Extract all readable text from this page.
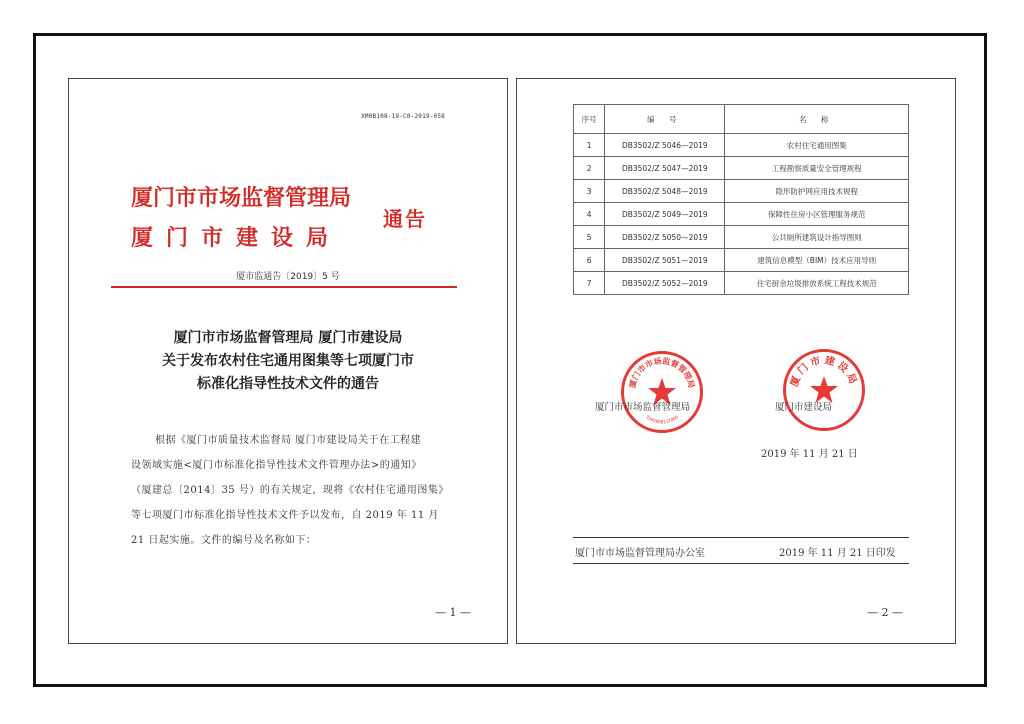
XM0B108-19-C0-2019-058
厦门市市场监督管理局
厦门市建设局
通告
厦市监通告〔2019〕5 号
厦门市市场监督管理局 厦门市建设局
关于发布农村住宅通用图集等七项厦门市
标准化指导性技术文件的通告
根据《厦门市质量技术监督局 厦门市建设局关于在工程建
设领域实施<厦门市标准化指导性技术文件管理办法>的通知》
（厦建总〔2014〕35 号）的有关规定，现将《农村住宅通用图集》
等七项厦门市标准化指导性技术文件予以发布，自 2019 年 11 月
21 日起实施。文件的编号及名称如下：
— 1 —
序号	编 号	名 称
1	DB3502/Z 5046—2019	农村住宅通用图集
2	DB3502/Z 5047—2019	工程勘察质量安全管理规程
3	DB3502/Z 5048—2019	隐形防护网应用技术规程
4	DB3502/Z 5049—2019	保障性住房小区管理服务规范
5	DB3502/Z 5050—2019	公共厕所建筑设计指导图则
6	DB3502/Z 5051—2019	建筑信息模型（BIM）技术应用导则
7	DB3502/Z 5052—2019	住宅厨余垃圾排放系统工程技术规范
厦门市市场监督管理局
3502000117060
厦门市市场监督管理局
厦门市建设局
厦门市建设局
2019 年 11 月 21 日
厦门市市场监督管理局办公室	2019 年 11 月 21 日印发
— 2 —
